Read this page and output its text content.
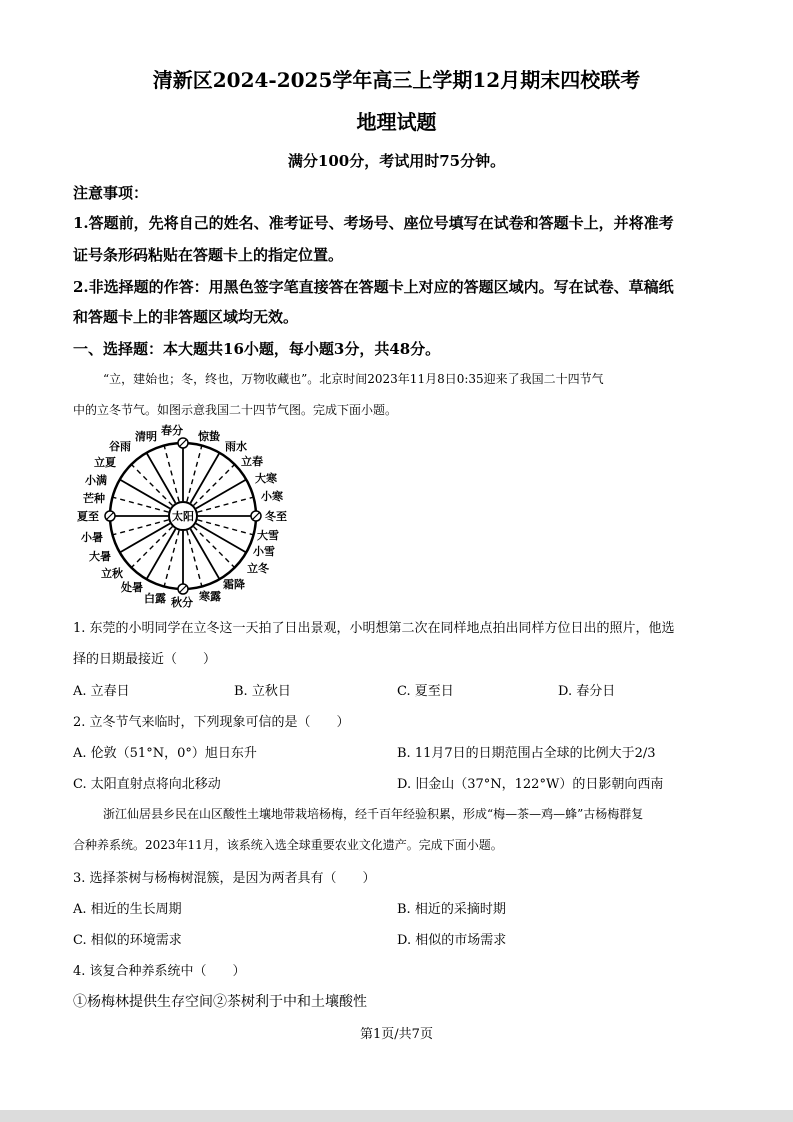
清新区2024-2025学年高三上学期12月期末四校联考
地理试题
满分100分，考试用时75分钟。
注意事项：
1.答题前，先将自己的姓名、准考证号、考场号、座位号填写在试卷和答题卡上，并将准考
证号条形码粘贴在答题卡上的指定位置。
2.非选择题的作答：用黑色签字笔直接答在答题卡上对应的答题区域内。写在试卷、草稿纸
和答题卡上的非答题区域均无效。
一、选择题：本大题共16小题，每小题3分，共48分。
“立，建始也；冬，终也，万物收藏也”。北京时间2023年11月8日0:35迎来了我国二十四节气
中的立冬节气。如图示意我国二十四节气图。完成下面小题。
太阳
春分
清明
谷雨
立夏
小满
芒种
夏至
小暑
大暑
立秋
处暑
白露 秋分 寒露
霜降
立冬
小雪
大雪
冬至
小寒
大寒
立春
雨水
惊蛰
1. 东莞的小明同学在立冬这一天拍了日出景观，小明想第二次在同样地点拍出同样方位日出的照片，他选
择的日期最接近（　　）
A. 立春日	B. 立秋日	C. 夏至日	D. 春分日
2. 立冬节气来临时，下列现象可信的是（　　）
A. 伦敦（51°N，0°）旭日东升	B. 11月7日的日期范围占全球的比例大于2/3
C. 太阳直射点将向北移动	D. 旧金山（37°N，122°W）的日影朝向西南
浙江仙居县乡民在山区酸性土壤地带栽培杨梅，经千百年经验积累，形成“梅—茶—鸡—蜂”古杨梅群复
合种养系统。2023年11月，该系统入选全球重要农业文化遗产。完成下面小题。
3. 选择茶树与杨梅树混簇，是因为两者具有（　　）
A. 相近的生长周期	B. 相近的采摘时期
C. 相似的环境需求	D. 相似的市场需求
4. 该复合种养系统中（　　）
①杨梅林提供生存空间②茶树利于中和土壤酸性
第1页/共7页
